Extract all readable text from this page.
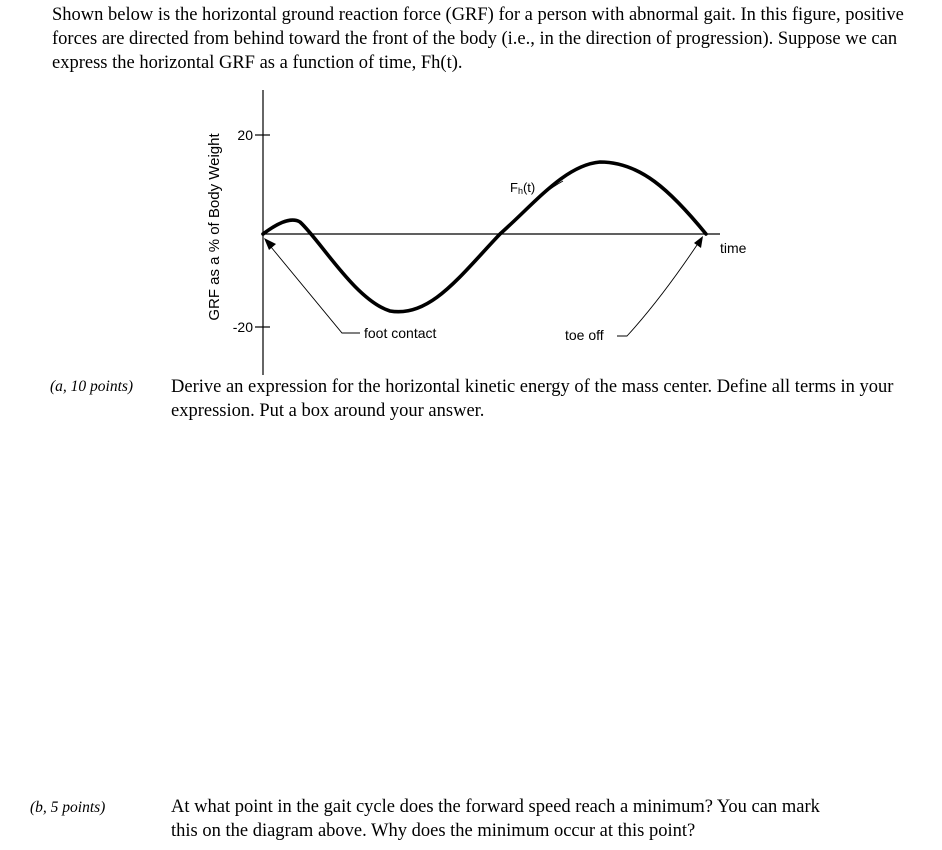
Shown below is the horizontal ground reaction force (GRF) for a person with abnormal gait. In this figure, positive forces are directed from behind toward the front of the body (i.e., in the direction of progression). Suppose we can express the horizontal GRF as a function of time, Fh(t).

20
-20
GRF as a % of Body Weight	time
Fh(t)
foot contact	toe off
(a, 10 points) Derive an expression for the horizontal kinetic energy of the mass center. Define all terms in your expression. Put a box around your answer.

(b, 5 points)	At what point in the gait cycle does the forward speed reach a minimum? You can mark this on the diagram above. Why does the minimum occur at this point?
